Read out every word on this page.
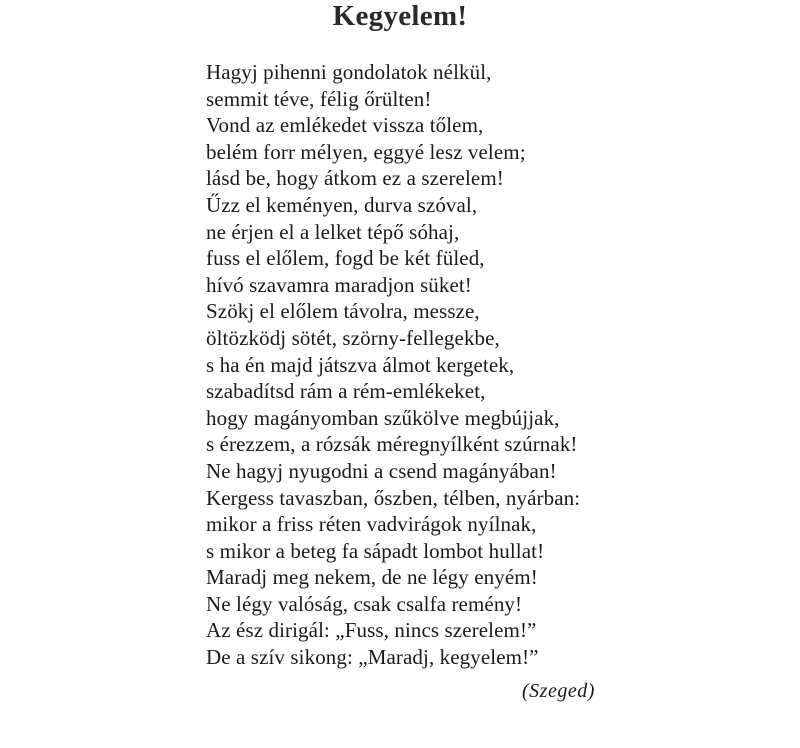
Kegyelem!
Hagyj pihenni gondolatok nélkül,
semmit téve, félig őrülten!
Vond az emlékedet vissza tőlem,
belém forr mélyen, eggyé lesz velem;
lásd be, hogy átkom ez a szerelem!
Űzz el keményen, durva szóval,
ne érjen el a lelket tépő sóhaj,
fuss el előlem, fogd be két füled,
hívó szavamra maradjon süket!
Szökj el előlem távolra, messze,
öltözködj sötét, szörny-fellegekbe,
s ha én majd játszva álmot kergetek,
szabadítsd rám a rém-emlékeket,
hogy magányomban szűkölve megbújjak,
s érezzem, a rózsák méregnyílként szúrnak!
Ne hagyj nyugodni a csend magányában!
Kergess tavaszban, őszben, télben, nyárban:
mikor a friss réten vadvirágok nyílnak,
s mikor a beteg fa sápadt lombot hullat!
Maradj meg nekem, de ne légy enyém!
Ne légy valóság, csak csalfa remény!
Az ész dirigál: „Fuss, nincs szerelem!”
De a szív sikong: „Maradj, kegyelem!”
(Szeged)
